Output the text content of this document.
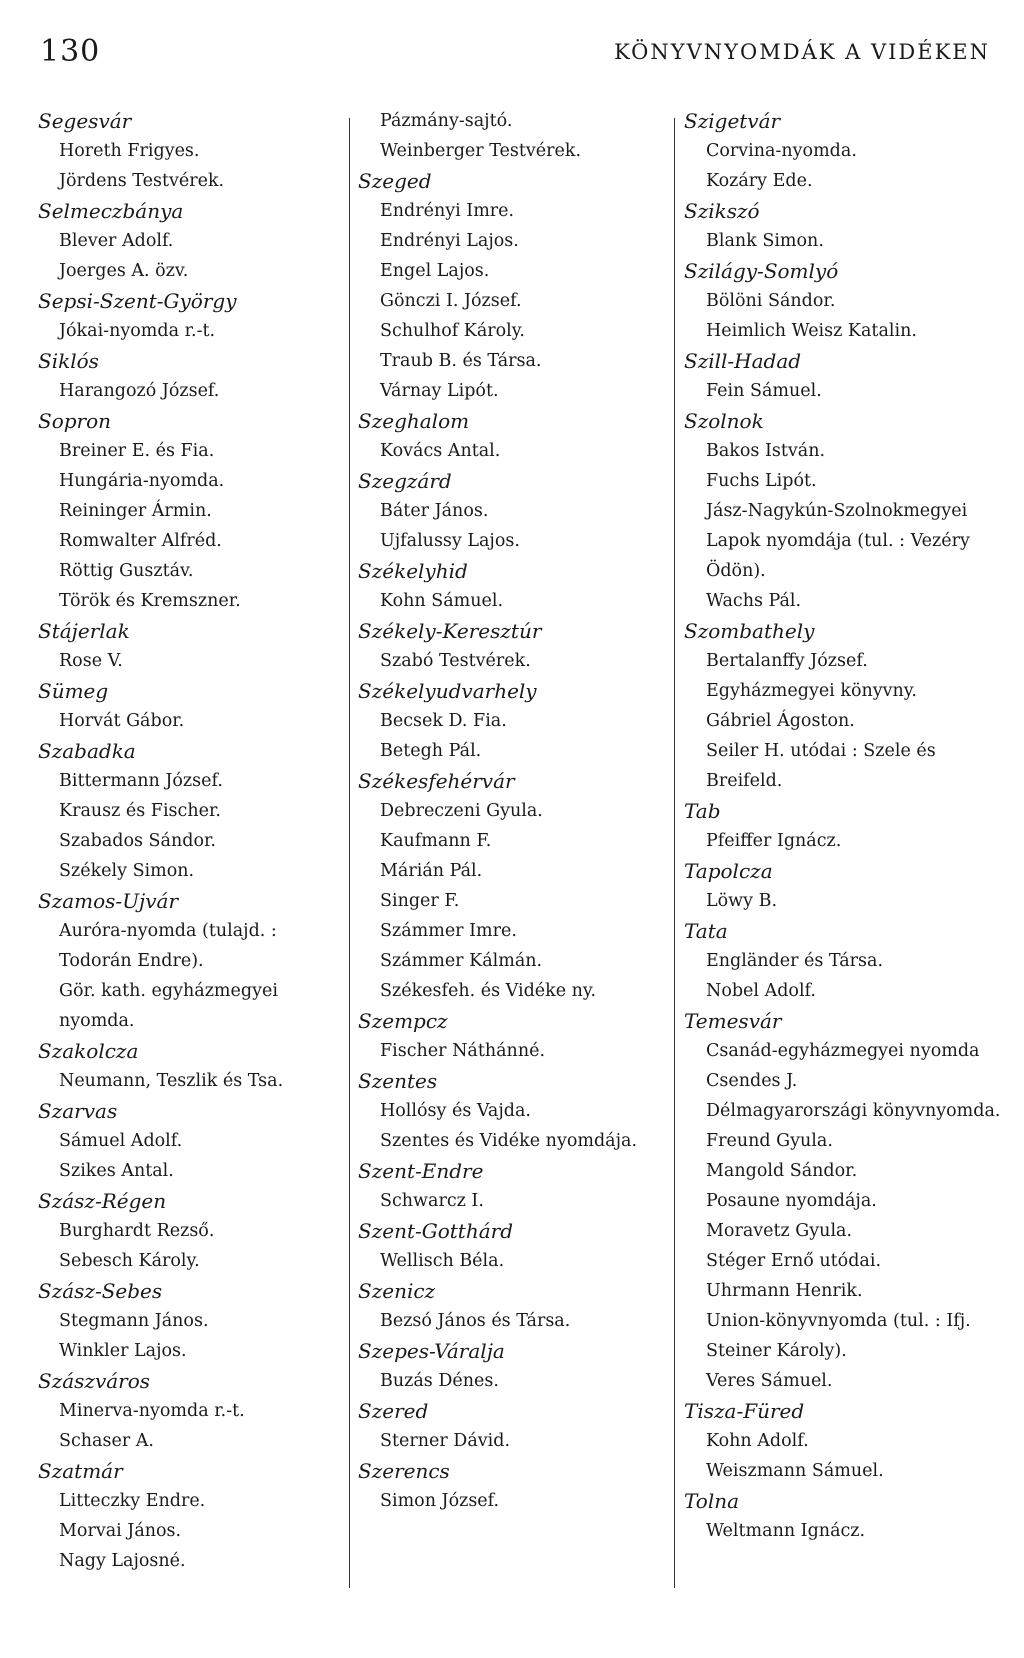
130	KÖNYVNYOMDÁK A VIDÉKEN
Segesvár
Horeth Frigyes.
Jördens Testvérek.
Selmeczbánya
Blever Adolf.
Joerges A. özv.
Sepsi-Szent-György
Jókai-nyomda r.-t.
Siklós
Harangozó József.
Sopron
Breiner E. és Fia.
Hungária-nyomda.
Reininger Ármin.
Romwalter Alfréd.
Röttig Gusztáv.
Török és Kremszner.
Stájerlak
Rose V.
Sümeg
Horvát Gábor.
Szabadka
Bittermann József.
Krausz és Fischer.
Szabados Sándor.
Székely Simon.
Szamos-Ujvár
Auróra-nyomda (tulajd. : Todorán Endre).
Gör. kath. egyházmegyei nyomda.
Szakolcza
Neumann, Teszlik és Tsa.
Szarvas
Sámuel Adolf.
Szikes Antal.
Szász-Régen
Burghardt Rezső.
Sebesch Károly.
Szász-Sebes
Stegmann János.
Winkler Lajos.
Szászváros
Minerva-nyomda r.-t.
Schaser A.
Szatmár
Litteczky Endre.
Morvai János.
Nagy Lajosné.
Pázmány-sajtó.
Weinberger Testvérek.
Szeged
Endrényi Imre.
Endrényi Lajos.
Engel Lajos.
Gönczi I. József.
Schulhof Károly.
Traub B. és Társa.
Várnay Lipót.
Szeghalom
Kovács Antal.
Szegzárd
Báter János.
Ujfalussy Lajos.
Székelyhid
Kohn Sámuel.
Székely-Keresztúr
Szabó Testvérek.
Székelyudvarhely
Becsek D. Fia.
Betegh Pál.
Székesfehérvár
Debreczeni Gyula.
Kaufmann F.
Márián Pál.
Singer F.
Számmer Imre.
Számmer Kálmán.
Székesfeh. és Vidéke ny.
Szempcz
Fischer Náthánné.
Szentes
Hollósy és Vajda.
Szentes és Vidéke nyomdája.
Szent-Endre
Schwarcz I.
Szent-Gotthárd
Wellisch Béla.
Szenicz
Bezsó János és Társa.
Szepes-Váralja
Buzás Dénes.
Szered
Sterner Dávid.
Szerencs
Simon József.
Szigetvár
Corvina-nyomda.
Kozáry Ede.
Szikszó
Blank Simon.
Szilágy-Somlyó
Bölöni Sándor.
Heimlich Weisz Katalin.
Szill-Hadad
Fein Sámuel.
Szolnok
Bakos István.
Fuchs Lipót.
Jász-Nagykún-Szolnokmegyei Lapok nyomdája (tul. : Vezéry Ödön).
Wachs Pál.
Szombathely
Bertalanffy József.
Egyházmegyei könyvny.
Gábriel Ágoston.
Seiler H. utódai : Szele és Breifeld.
Tab
Pfeiffer Ignácz.
Tapolcza
Löwy B.
Tata
Engländer és Társa.
Nobel Adolf.
Temesvár
Csanád-egyházmegyei nyomda
Csendes J.
Délmagyarországi könyvnyomda.
Freund Gyula.
Mangold Sándor.
Posaune nyomdája.
Moravetz Gyula.
Stéger Ernő utódai.
Uhrmann Henrik.
Union-könyvnyomda (tul. : Ifj. Steiner Károly).
Veres Sámuel.
Tisza-Füred
Kohn Adolf.
Weiszmann Sámuel.
Tolna
Weltmann Ignácz.
